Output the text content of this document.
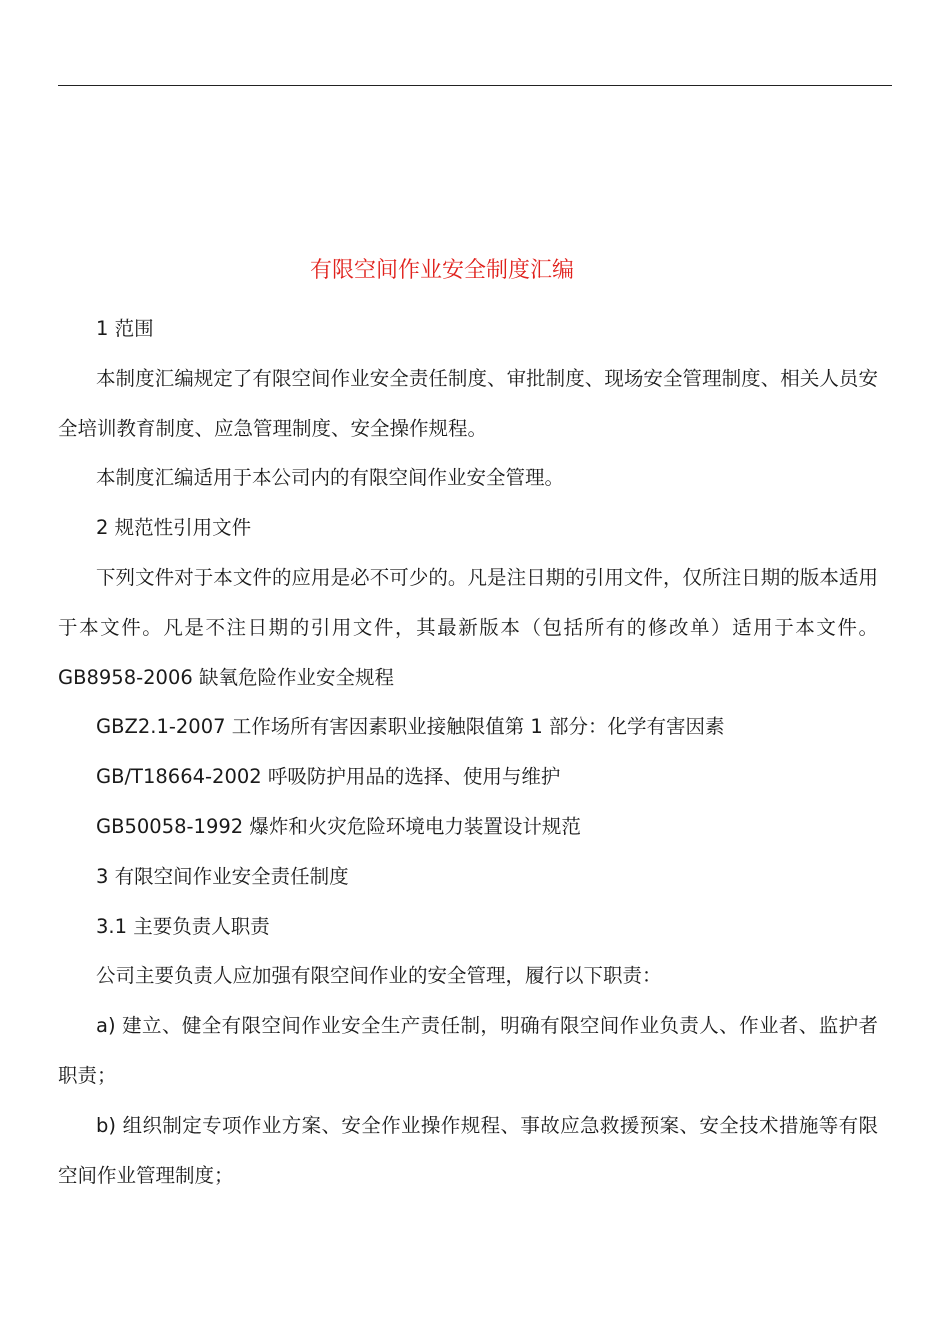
有限空间作业安全制度汇编

1 范围

本制度汇编规定了有限空间作业安全责任制度、审批制度、现场安全管理制度、相关人员安全培训教育制度、应急管理制度、安全操作规程。

本制度汇编适用于本公司内的有限空间作业安全管理。

2 规范性引用文件

下列文件对于本文件的应用是必不可少的。凡是注日期的引用文件，仅所注日期的版本适用于本文件。凡是不注日期的引用文件，其最新版本（包括所有的修改单）适用于本文件。 GB8958-2006 缺氧危险作业安全规程

GBZ2.1-2007 工作场所有害因素职业接触限值第 1 部分：化学有害因素

GB/T18664-2002 呼吸防护用品的选择、使用与维护

GB50058-1992 爆炸和火灾危险环境电力装置设计规范

3 有限空间作业安全责任制度

3.1 主要负责人职责

公司主要负责人应加强有限空间作业的安全管理，履行以下职责：

a) 建立、健全有限空间作业安全生产责任制，明确有限空间作业负责人、作业者、监护者职责；

b) 组织制定专项作业方案、安全作业操作规程、事故应急救援预案、安全技术措施等有限空间作业管理制度；
